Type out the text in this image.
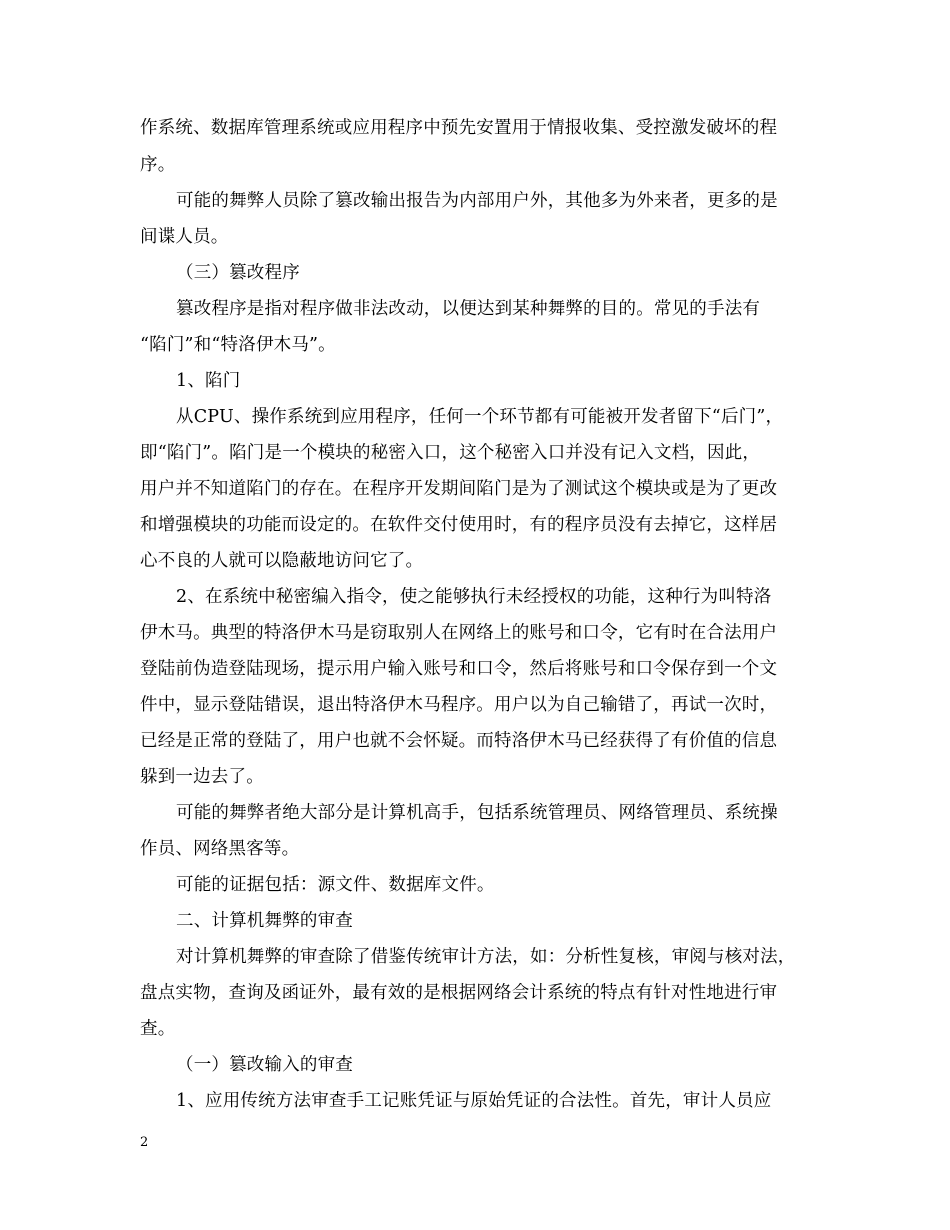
作系统、数据库管理系统或应用程序中预先安置用于情报收集、受控激发破坏的程
序。
可能的舞弊人员除了篡改输出报告为内部用户外，其他多为外来者，更多的是
间谍人员。
（三）篡改程序
篡改程序是指对程序做非法改动，以便达到某种舞弊的目的。常见的手法有
“陷门”和“特洛伊木马”。
1、陷门
从CPU、操作系统到应用程序，任何一个环节都有可能被开发者留下“后门”，
即“陷门”。陷门是一个模块的秘密入口，这个秘密入口并没有记入文档，因此，
用户并不知道陷门的存在。在程序开发期间陷门是为了测试这个模块或是为了更改
和增强模块的功能而设定的。在软件交付使用时，有的程序员没有去掉它，这样居
心不良的人就可以隐蔽地访问它了。
2、在系统中秘密编入指令，使之能够执行未经授权的功能，这种行为叫特洛
伊木马。典型的特洛伊木马是窃取别人在网络上的账号和口令，它有时在合法用户
登陆前伪造登陆现场，提示用户输入账号和口令，然后将账号和口令保存到一个文
件中，显示登陆错误，退出特洛伊木马程序。用户以为自己输错了，再试一次时，
已经是正常的登陆了，用户也就不会怀疑。而特洛伊木马已经获得了有价值的信息
躲到一边去了。
可能的舞弊者绝大部分是计算机高手，包括系统管理员、网络管理员、系统操
作员、网络黑客等。
可能的证据包括：源文件、数据库文件。
二、计算机舞弊的审查
对计算机舞弊的审查除了借鉴传统审计方法，如：分析性复核，审阅与核对法，
盘点实物，查询及函证外，最有效的是根据网络会计系统的特点有针对性地进行审
查。
（一）篡改输入的审查
1、应用传统方法审查手工记账凭证与原始凭证的合法性。首先，审计人员应
2
